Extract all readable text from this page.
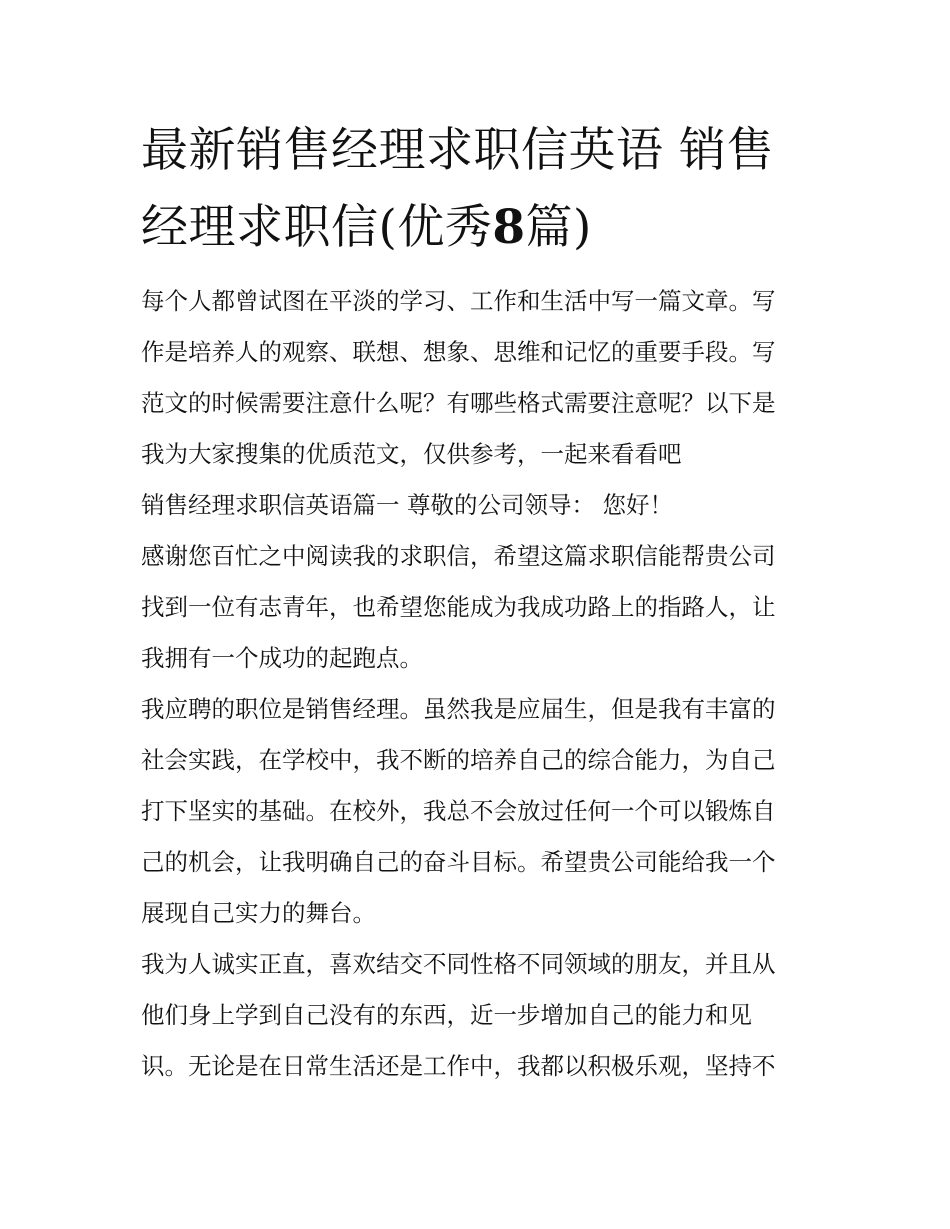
最新销售经理求职信英语 销售
经理求职信(优秀8篇)
每个人都曾试图在平淡的学习、工作和生活中写一篇文章。写
作是培养人的观察、联想、想象、思维和记忆的重要手段。写
范文的时候需要注意什么呢？有哪些格式需要注意呢？以下是
我为大家搜集的优质范文，仅供参考，一起来看看吧
销售经理求职信英语篇一 尊敬的公司领导： 您好！
感谢您百忙之中阅读我的求职信，希望这篇求职信能帮贵公司
找到一位有志青年，也希望您能成为我成功路上的指路人，让
我拥有一个成功的起跑点。
我应聘的职位是销售经理。虽然我是应届生，但是我有丰富的
社会实践，在学校中，我不断的培养自己的综合能力，为自己
打下坚实的基础。在校外，我总不会放过任何一个可以锻炼自
己的机会，让我明确自己的奋斗目标。希望贵公司能给我一个
展现自己实力的舞台。
我为人诚实正直，喜欢结交不同性格不同领域的朋友，并且从
他们身上学到自己没有的东西，近一步增加自己的能力和见
识。无论是在日常生活还是工作中，我都以积极乐观，坚持不
